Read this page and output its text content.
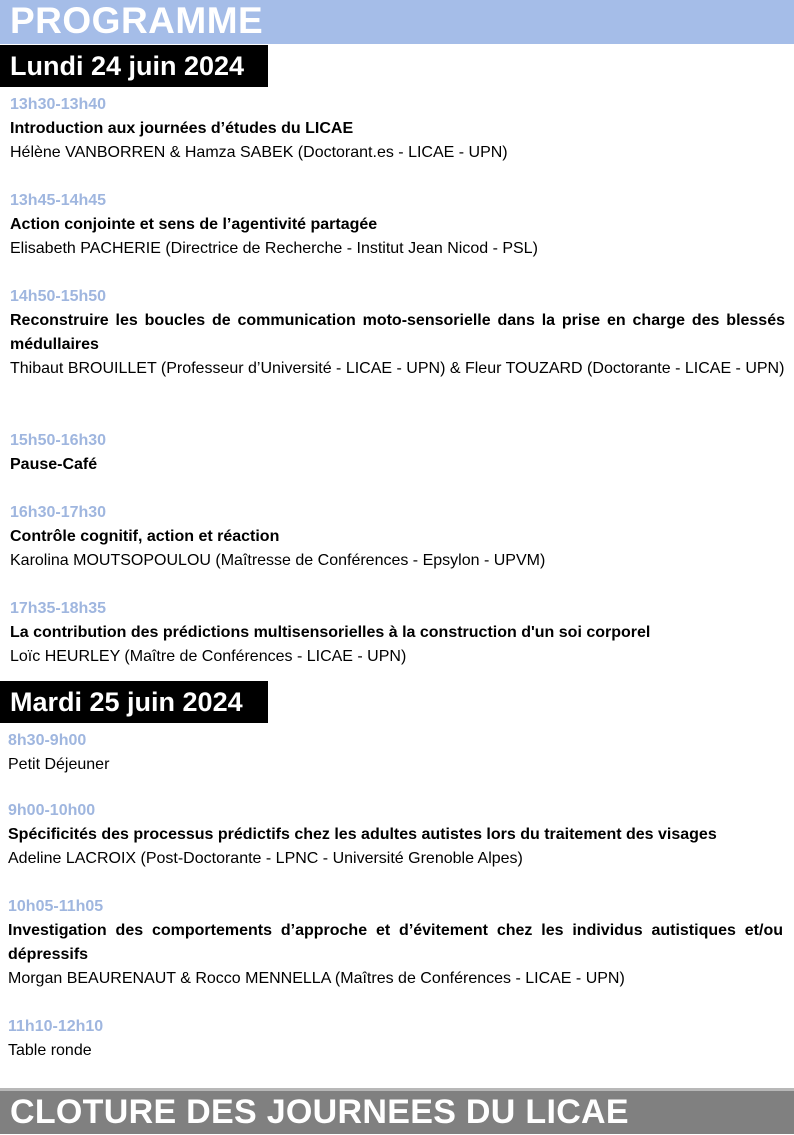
PROGRAMME
Lundi 24 juin 2024
13h30-13h40
Introduction aux journées d’études du LICAE
Hélène VANBORREN & Hamza SABEK (Doctorant.es - LICAE - UPN)
13h45-14h45
Action conjointe et sens de l’agentivité partagée
Elisabeth PACHERIE (Directrice de Recherche - Institut Jean Nicod - PSL)
14h50-15h50
Reconstruire les boucles de communication moto-sensorielle dans la prise en charge des blessés médullaires
Thibaut BROUILLET (Professeur d’Université - LICAE - UPN) & Fleur TOUZARD (Doctorante - LICAE - UPN)
15h50-16h30
Pause-Café
16h30-17h30
Contrôle cognitif, action et réaction
Karolina MOUTSOPOULOU (Maîtresse de Conférences - Epsylon - UPVM)
17h35-18h35
La contribution des prédictions multisensorielles à la construction d'un soi corporel
Loïc HEURLEY (Maître de Conférences - LICAE - UPN)
Mardi 25 juin 2024
8h30-9h00
Petit Déjeuner
9h00-10h00
Spécificités des processus prédictifs chez les adultes autistes lors du traitement des visages
Adeline LACROIX (Post-Doctorante - LPNC - Université Grenoble Alpes)
10h05-11h05
Investigation des comportements d’approche et d’évitement chez les individus autistiques et/ou dépressifs
Morgan BEAURENAUT & Rocco MENNELLA (Maîtres de Conférences - LICAE - UPN)
11h10-12h10
Table ronde
CLOTURE DES JOURNEES DU LICAE
